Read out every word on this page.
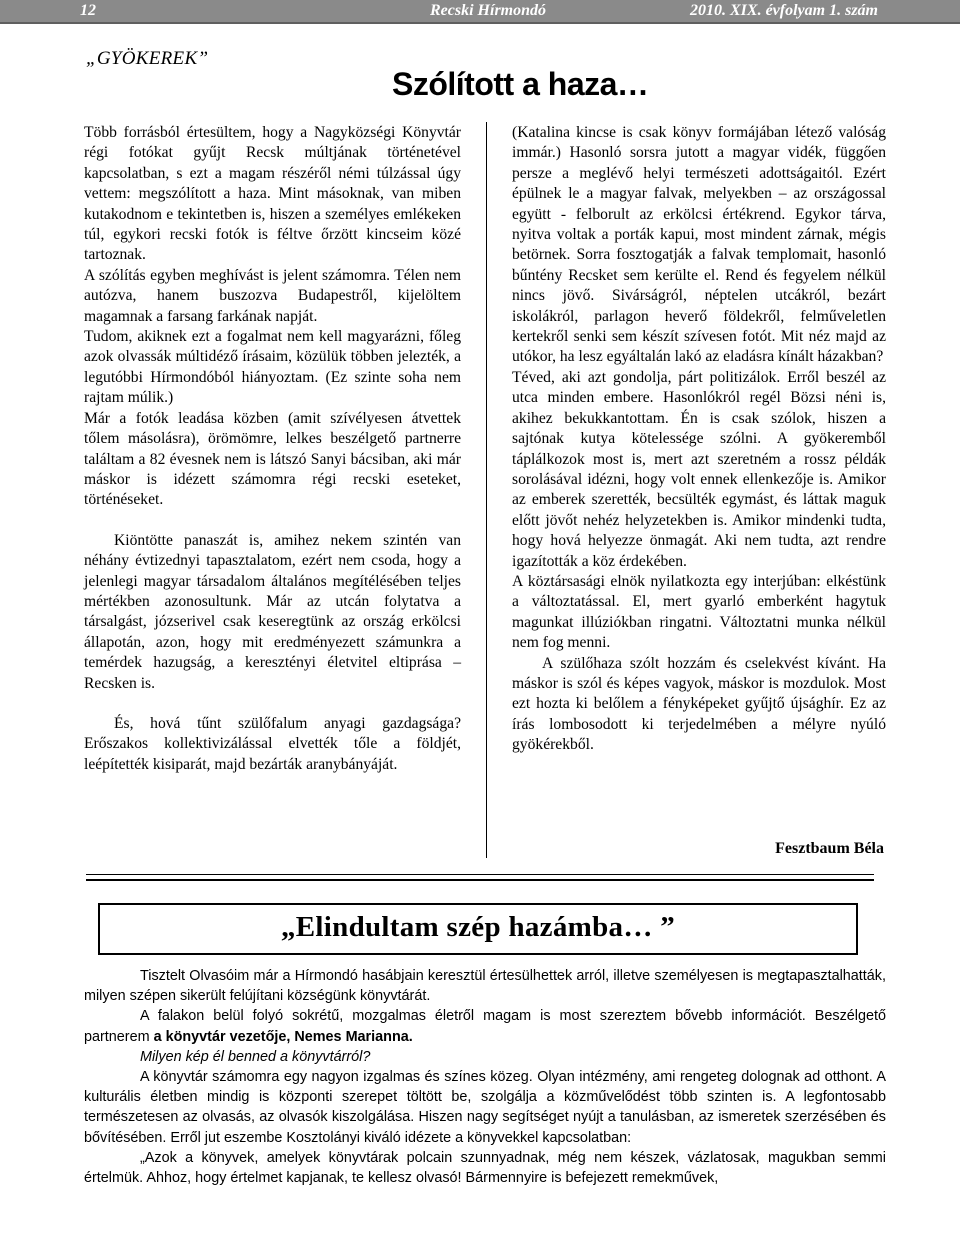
12	Recski Hírmondó	2010. XIX. évfolyam 1. szám
„GYÖKEREK”
Szólított a haza…

Több forrásból értesültem, hogy a Nagyközségi Könyvtár régi fotókat gyűjt Recsk múltjának történetével kapcsolatban, s ezt a magam részéről némi túlzással úgy vettem: megszólított a haza. Mint másoknak, van miben kutakodnom e tekintetben is, hiszen a személyes emlékeken túl, egykori recski fotók is féltve őrzött kincseim közé tartoznak.

A szólítás egyben meghívást is jelent számomra. Télen nem autózva, hanem buszozva Budapestről, kijelöltem magamnak a farsang farkának napját.

Tudom, akiknek ezt a fogalmat nem kell magyarázni, főleg azok olvassák múltidéző írásaim, közülük többen jelezték, a legutóbbi Hírmondóból hiányoztam. (Ez szinte soha nem rajtam múlik.)

Már a fotók leadása közben (amit szívélyesen átvettek tőlem másolásra), örömömre, lelkes beszélgető partnerre találtam a 82 évesnek nem is látszó Sanyi bácsiban, aki már máskor is idézett számomra régi recski eseteket, történéseket.

Kiöntötte panaszát is, amihez nekem szintén van néhány évtizednyi tapasztalatom, ezért nem csoda, hogy a jelenlegi magyar társadalom általános megítélésében teljes mértékben azonosultunk. Már az utcán folytatva a társalgást, józserivel csak keseregtünk az ország erkölcsi állapotán, azon, hogy mit eredményezett számunkra a temérdek hazugság, a keresztényi életvitel eltiprása – Recsken is.

És, hová tűnt szülőfalum anyagi gazdagsága? Erőszakos kollektivizálással elvették tőle a földjét, leépítették kisiparát, majd bezárták aranybányáját.

(Katalina kincse is csak könyv formájában létező valóság immár.) Hasonló sorsra jutott a magyar vidék, függően persze a meglévő helyi természeti adottságaitól. Ezért épülnek le a magyar falvak, melyekben – az országossal együtt - felborult az erkölcsi értékrend. Egykor tárva, nyitva voltak a porták kapui, most mindent zárnak, mégis betörnek. Sorra fosztogatják a falvak templomait, hasonló bűntény Recsket sem kerülte el. Rend és fegyelem nélkül nincs jövő. Sivárságról, néptelen utcákról, bezárt iskolákról, parlagon heverő földekről, felműveletlen kertekről senki sem készít szívesen fotót. Mit néz majd az utókor, ha lesz egyáltalán lakó az eladásra kínált házakban?

Téved, aki azt gondolja, párt politizálok. Erről beszél az utca minden embere. Hasonlókról regél Bözsi néni is, akihez bekukkantottam. Én is csak szólok, hiszen a sajtónak kutya kötelessége szólni. A gyökeremből táplálkozok most is, mert azt szeretném a rossz példák sorolásával idézni, hogy volt ennek ellenkezője is. Amikor az emberek szerették, becsülték egymást, és láttak maguk előtt jövőt nehéz helyzetekben is. Amikor mindenki tudta, hogy hová helyezze önmagát. Aki nem tudta, azt rendre igazították a köz érdekében.

A köztársasági elnök nyilatkozta egy interjúban: elkéstünk a változtatással. El, mert gyarló emberként hagytuk magunkat illúziókban ringatni. Változtatni munka nélkül nem fog menni.

A szülőhaza szólt hozzám és cselekvést kívánt. Ha máskor is szól és képes vagyok, máskor is mozdulok. Most ezt hozta ki belőlem a fényképeket gyűjtő újsághír. Ez az írás lombosodott ki terjedelmében a mélyre nyúló gyökérekből.

Fesztbaum Béla
„Elindultam szép hazámba… ”

Tisztelt Olvasóim már a Hírmondó hasábjain keresztül értesülhettek arról, illetve személyesen is megtapasztalhatták, milyen szépen sikerült felújítani községünk könyvtárát.

A falakon belül folyó sokrétű, mozgalmas életről magam is most szereztem bővebb információt. Beszélgető partnerem a könyvtár vezetője, Nemes Marianna.

Milyen kép él benned a könyvtárról?

A könyvtár számomra egy nagyon izgalmas és színes közeg. Olyan intézmény, ami rengeteg dolognak ad otthont. A kulturális életben mindig is központi szerepet töltött be, szolgálja a közművelődést több szinten is. A legfontosabb természetesen az olvasás, az olvasók kiszolgálása. Hiszen nagy segítséget nyújt a tanulásban, az ismeretek szerzésében és bővítésében. Erről jut eszembe Kosztolányi kiváló idézete a könyvekkel kapcsolatban:

„Azok a könyvek, amelyek könyvtárak polcain szunnyadnak, még nem készek, vázlatosak, magukban semmi értelmük. Ahhoz, hogy értelmet kapjanak, te kellesz olvasó! Bármennyire is befejezett remekművek,
